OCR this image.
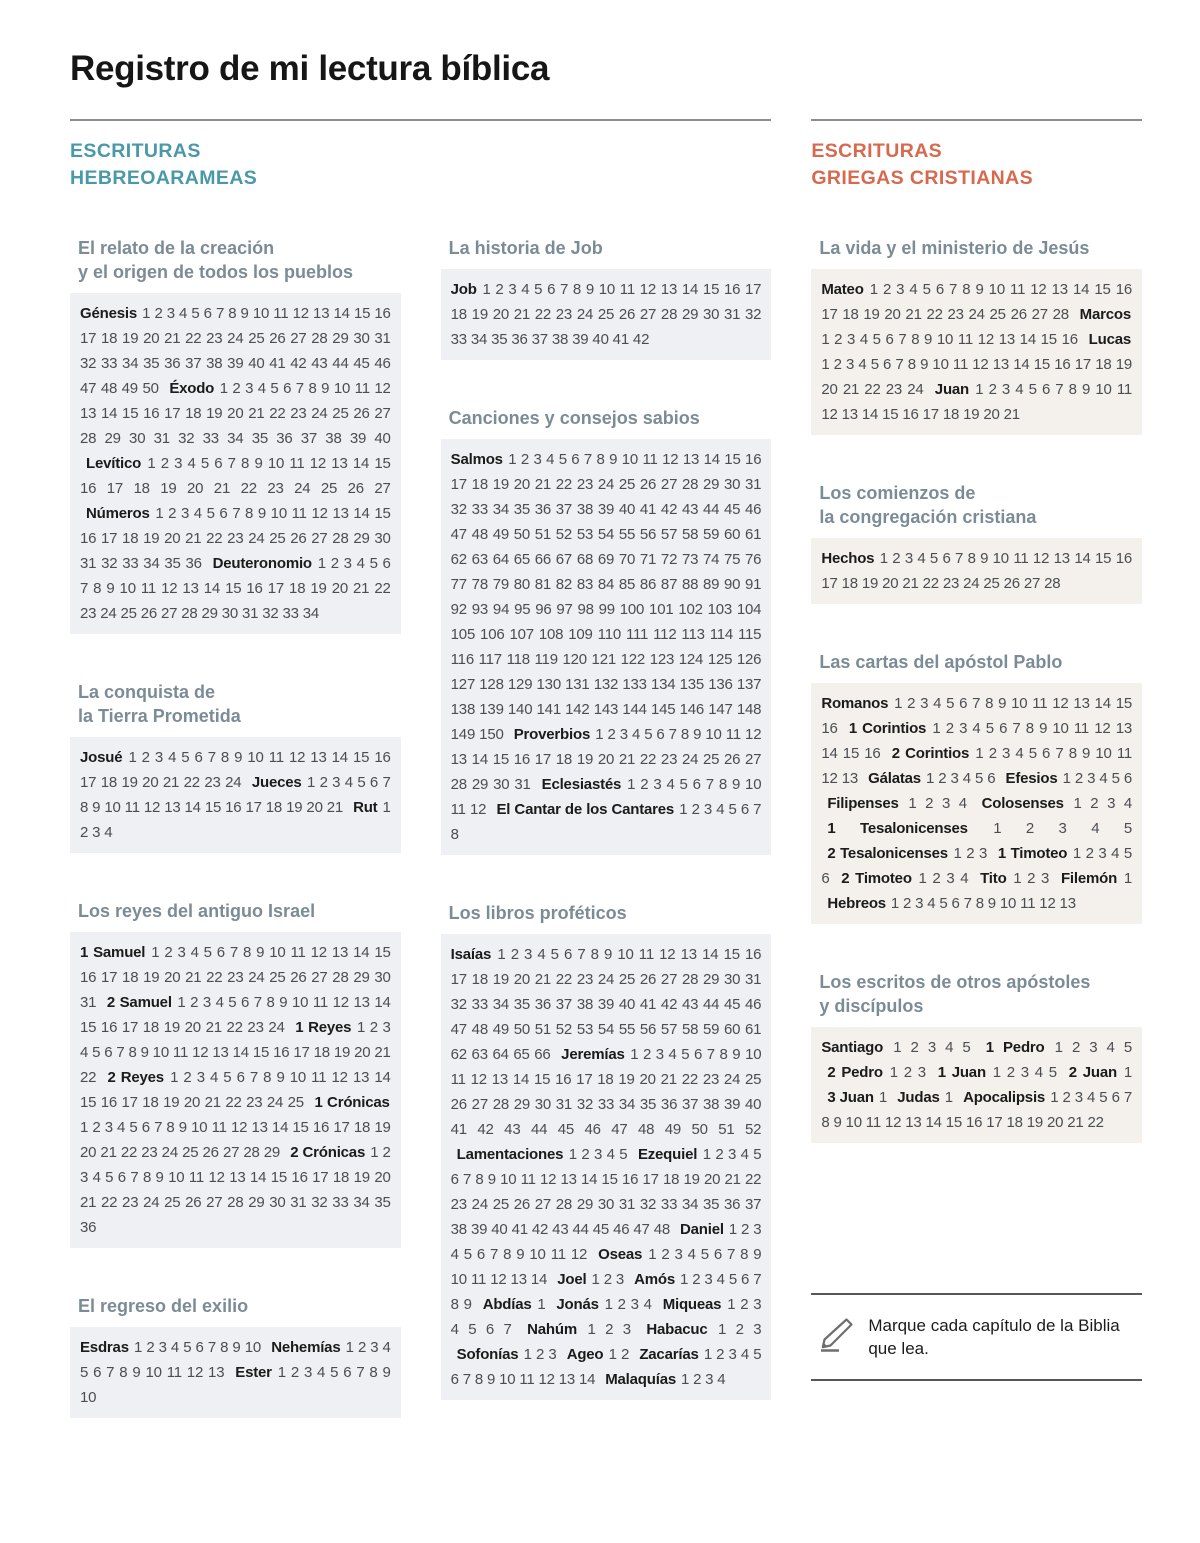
Registro de mi lectura bíblica
ESCRITURAS
HEBREOARAMEAS
ESCRITURAS
GRIEGAS CRISTIANAS
El relato de la creación
y el origen de todos los pueblos
Génesis 1 2 3 4 5 6 7 8 9 10 11 12 13 14 15 16 17 18 19 20 21 22 23 24 25 26 27 28 29 30 31 32 33 34 35 36 37 38 39 40 41 42 43 44 45 46 47 48 49 50 Éxodo 1 2 3 4 5 6 7 8 9 10 11 12 13 14 15 16 17 18 19 20 21 22 23 24 25 26 27 28 29 30 31 32 33 34 35 36 37 38 39 40 Levítico 1 2 3 4 5 6 7 8 9 10 11 12 13 14 15 16 17 18 19 20 21 22 23 24 25 26 27 Números 1 2 3 4 5 6 7 8 9 10 11 12 13 14 15 16 17 18 19 20 21 22 23 24 25 26 27 28 29 30 31 32 33 34 35 36 Deuteronomio 1 2 3 4 5 6 7 8 9 10 11 12 13 14 15 16 17 18 19 20 21 22 23 24 25 26 27 28 29 30 31 32 33 34
La conquista de
la Tierra Prometida
Josué 1 2 3 4 5 6 7 8 9 10 11 12 13 14 15 16 17 18 19 20 21 22 23 24 Jueces 1 2 3 4 5 6 7 8 9 10 11 12 13 14 15 16 17 18 19 20 21 Rut 1 2 3 4
Los reyes del antiguo Israel
1 Samuel 1 2 3 4 5 6 7 8 9 10 11 12 13 14 15 16 17 18 19 20 21 22 23 24 25 26 27 28 29 30 31 2 Samuel 1 2 3 4 5 6 7 8 9 10 11 12 13 14 15 16 17 18 19 20 21 22 23 24 1 Reyes 1 2 3 4 5 6 7 8 9 10 11 12 13 14 15 16 17 18 19 20 21 22 2 Reyes 1 2 3 4 5 6 7 8 9 10 11 12 13 14 15 16 17 18 19 20 21 22 23 24 25 1 Crónicas 1 2 3 4 5 6 7 8 9 10 11 12 13 14 15 16 17 18 19 20 21 22 23 24 25 26 27 28 29 2 Crónicas 1 2 3 4 5 6 7 8 9 10 11 12 13 14 15 16 17 18 19 20 21 22 23 24 25 26 27 28 29 30 31 32 33 34 35 36
El regreso del exilio
Esdras 1 2 3 4 5 6 7 8 9 10 Nehemías 1 2 3 4 5 6 7 8 9 10 11 12 13 Ester 1 2 3 4 5 6 7 8 9 10
La historia de Job
Job 1 2 3 4 5 6 7 8 9 10 11 12 13 14 15 16 17 18 19 20 21 22 23 24 25 26 27 28 29 30 31 32 33 34 35 36 37 38 39 40 41 42
Canciones y consejos sabios
Salmos 1 2 3 4 5 6 7 8 9 10 11 12 13 14 15 16 17 18 19 20 21 22 23 24 25 26 27 28 29 30 31 32 33 34 35 36 37 38 39 40 41 42 43 44 45 46 47 48 49 50 51 52 53 54 55 56 57 58 59 60 61 62 63 64 65 66 67 68 69 70 71 72 73 74 75 76 77 78 79 80 81 82 83 84 85 86 87 88 89 90 91 92 93 94 95 96 97 98 99 100 101 102 103 104 105 106 107 108 109 110 111 112 113 114 115 116 117 118 119 120 121 122 123 124 125 126 127 128 129 130 131 132 133 134 135 136 137 138 139 140 141 142 143 144 145 146 147 148 149 150 Proverbios 1 2 3 4 5 6 7 8 9 10 11 12 13 14 15 16 17 18 19 20 21 22 23 24 25 26 27 28 29 30 31 Eclesiastés 1 2 3 4 5 6 7 8 9 10 11 12 El Cantar de los Cantares 1 2 3 4 5 6 7 8
Los libros proféticos
Isaías 1 2 3 4 5 6 7 8 9 10 11 12 13 14 15 16 17 18 19 20 21 22 23 24 25 26 27 28 29 30 31 32 33 34 35 36 37 38 39 40 41 42 43 44 45 46 47 48 49 50 51 52 53 54 55 56 57 58 59 60 61 62 63 64 65 66 Jeremías 1 2 3 4 5 6 7 8 9 10 11 12 13 14 15 16 17 18 19 20 21 22 23 24 25 26 27 28 29 30 31 32 33 34 35 36 37 38 39 40 41 42 43 44 45 46 47 48 49 50 51 52 Lamentaciones 1 2 3 4 5 Ezequiel 1 2 3 4 5 6 7 8 9 10 11 12 13 14 15 16 17 18 19 20 21 22 23 24 25 26 27 28 29 30 31 32 33 34 35 36 37 38 39 40 41 42 43 44 45 46 47 48 Daniel 1 2 3 4 5 6 7 8 9 10 11 12 Oseas 1 2 3 4 5 6 7 8 9 10 11 12 13 14 Joel 1 2 3 Amós 1 2 3 4 5 6 7 8 9 Abdías 1 Jonás 1 2 3 4 Miqueas 1 2 3 4 5 6 7 Nahúm 1 2 3 Habacuc 1 2 3 Sofonías 1 2 3 Ageo 1 2 Zacarías 1 2 3 4 5 6 7 8 9 10 11 12 13 14 Malaquías 1 2 3 4
La vida y el ministerio de Jesús
Mateo 1 2 3 4 5 6 7 8 9 10 11 12 13 14 15 16 17 18 19 20 21 22 23 24 25 26 27 28 Marcos 1 2 3 4 5 6 7 8 9 10 11 12 13 14 15 16 Lucas 1 2 3 4 5 6 7 8 9 10 11 12 13 14 15 16 17 18 19 20 21 22 23 24 Juan 1 2 3 4 5 6 7 8 9 10 11 12 13 14 15 16 17 18 19 20 21
Los comienzos de
la congregación cristiana
Hechos 1 2 3 4 5 6 7 8 9 10 11 12 13 14 15 16 17 18 19 20 21 22 23 24 25 26 27 28
Las cartas del apóstol Pablo
Romanos 1 2 3 4 5 6 7 8 9 10 11 12 13 14 15 16 1 Corintios 1 2 3 4 5 6 7 8 9 10 11 12 13 14 15 16 2 Corintios 1 2 3 4 5 6 7 8 9 10 11 12 13 Gálatas 1 2 3 4 5 6 Efesios 1 2 3 4 5 6 Filipenses 1 2 3 4 Colosenses 1 2 3 4 1 Tesalonicenses 1 2 3 4 5 2 Tesalonicenses 1 2 3 1 Timoteo 1 2 3 4 5 6 2 Timoteo 1 2 3 4 Tito 1 2 3 Filemón 1 Hebreos 1 2 3 4 5 6 7 8 9 10 11 12 13
Los escritos de otros apóstoles
y discípulos
Santiago 1 2 3 4 5 1 Pedro 1 2 3 4 5 2 Pedro 1 2 3 1 Juan 1 2 3 4 5 2 Juan 1 3 Juan 1 Judas 1 Apocalipsis 1 2 3 4 5 6 7 8 9 10 11 12 13 14 15 16 17 18 19 20 21 22
Marque cada capítulo de la Biblia que lea.
